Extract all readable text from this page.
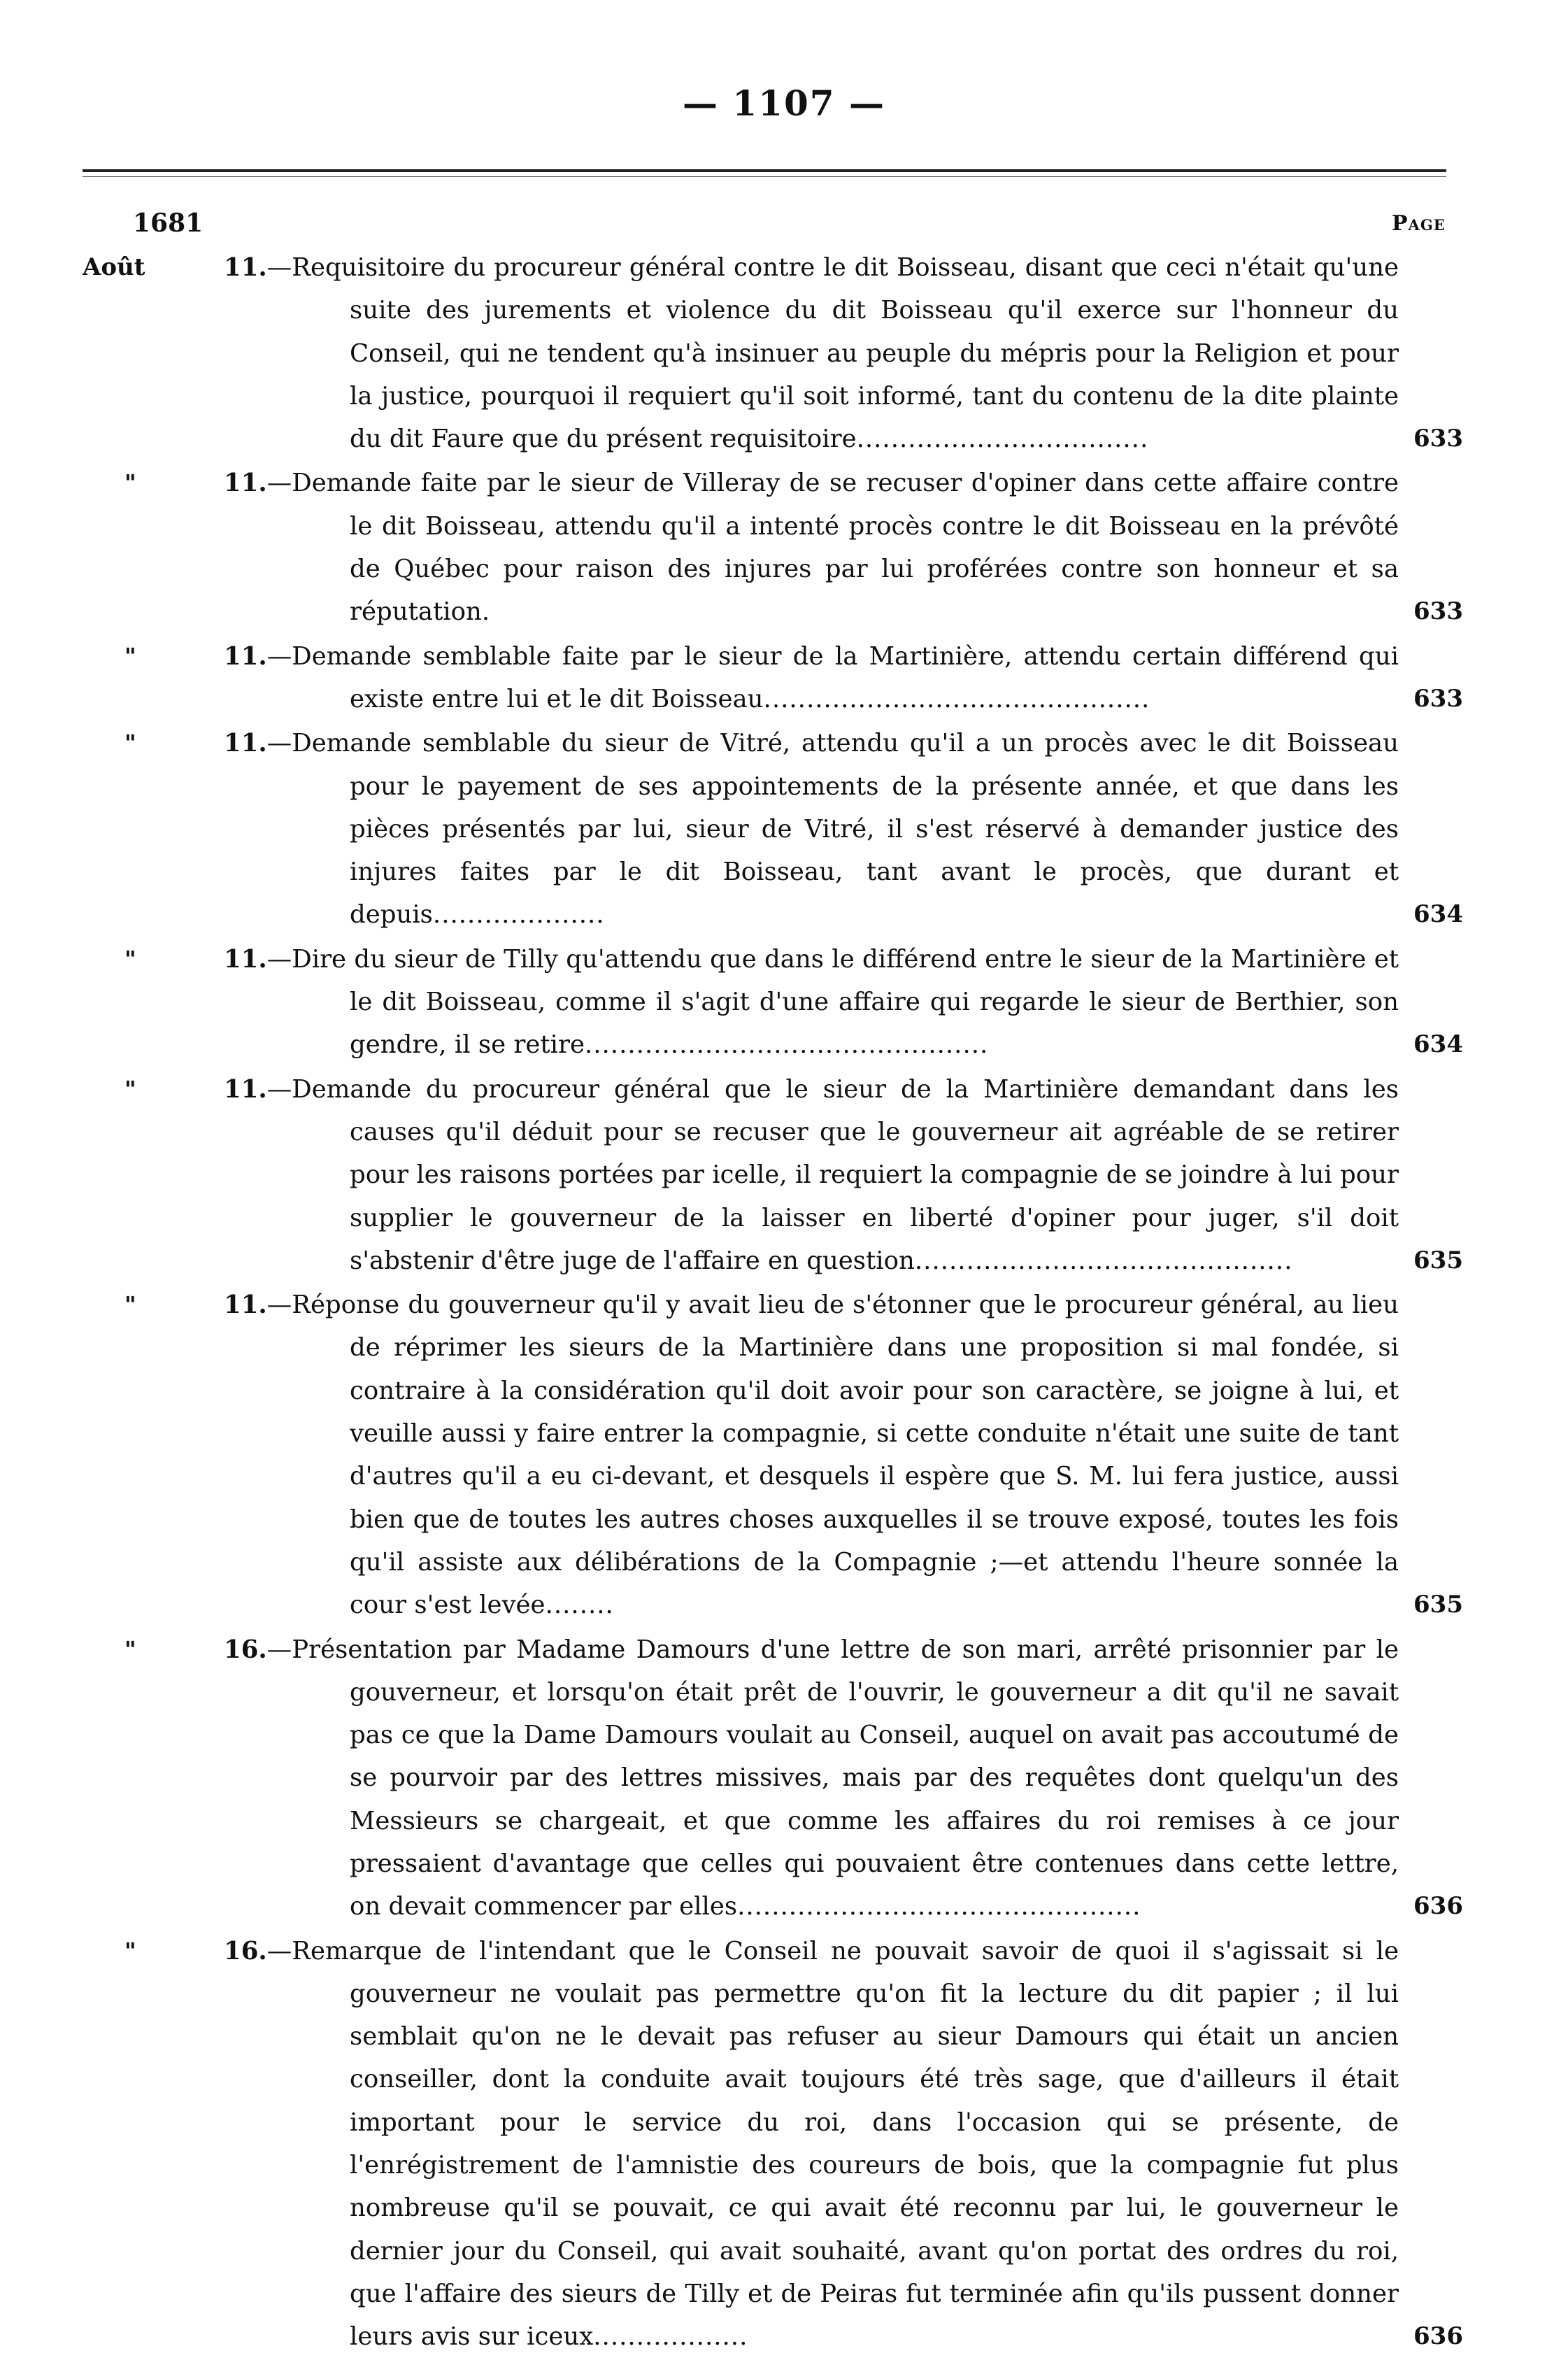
— 1107 —
1681	Page
Août	11.—Requisitoire du procureur général contre le dit Boisseau, disant que ceci n'était qu'une suite des jurements et violence du dit Boisseau qu'il exerce sur l'honneur du Conseil, qui ne tendent qu'à insinuer au peuple du mépris pour la Religion et pour la justice, pourquoi il requiert qu'il soit informé, tant du contenu de la dite plainte du dit Faure que du présent requisitoire..................................	633
"	11.—Demande faite par le sieur de Villeray de se recuser d'opiner dans cette affaire contre le dit Boisseau, attendu qu'il a intenté procès contre le dit Boisseau en la prévôté de Québec pour raison des injures par lui proférées contre son honneur et sa réputation.	633
"	11.—Demande semblable faite par le sieur de la Martinière, attendu certain différend qui existe entre lui et le dit Boisseau.............................................	633
"	11.—Demande semblable du sieur de Vitré, attendu qu'il a un procès avec le dit Boisseau pour le payement de ses appointements de la présente année, et que dans les pièces présentés par lui, sieur de Vitré, il s'est réservé à demander justice des injures faites par le dit Boisseau, tant avant le procès, que durant et depuis....................	634
"	11.—Dire du sieur de Tilly qu'attendu que dans le différend entre le sieur de la Martinière et le dit Boisseau, comme il s'agit d'une affaire qui regarde le sieur de Berthier, son gendre, il se retire...............................................	634
"	11.—Demande du procureur général que le sieur de la Martinière demandant dans les causes qu'il déduit pour se recuser que le gouverneur ait agréable de se retirer pour les raisons portées par icelle, il requiert la compagnie de se joindre à lui pour supplier le gouverneur de la laisser en liberté d'opiner pour juger, s'il doit s'abstenir d'être juge de l'affaire en question............................................	635
"	11.—Réponse du gouverneur qu'il y avait lieu de s'étonner que le procureur général, au lieu de réprimer les sieurs de la Martinière dans une proposition si mal fondée, si contraire à la considération qu'il doit avoir pour son caractère, se joigne à lui, et veuille aussi y faire entrer la compagnie, si cette conduite n'était une suite de tant d'autres qu'il a eu ci-devant, et desquels il espère que S. M. lui fera justice, aussi bien que de toutes les autres choses auxquelles il se trouve exposé, toutes les fois qu'il assiste aux délibérations de la Compagnie ;—et attendu l'heure sonnée la cour s'est levée........	635
"	16.—Présentation par Madame Damours d'une lettre de son mari, arrêté prisonnier par le gouverneur, et lorsqu'on était prêt de l'ouvrir, le gouverneur a dit qu'il ne savait pas ce que la Dame Damours voulait au Conseil, auquel on avait pas accoutumé de se pourvoir par des lettres missives, mais par des requêtes dont quelqu'un des Messieurs se chargeait, et que comme les affaires du roi remises à ce jour pressaient d'avantage que celles qui pouvaient être contenues dans cette lettre, on devait commencer par elles...............................................	636
"	16.—Remarque de l'intendant que le Conseil ne pouvait savoir de quoi il s'agissait si le gouverneur ne voulait pas permettre qu'on fit la lecture du dit papier ; il lui semblait qu'on ne le devait pas refuser au sieur Damours qui était un ancien conseiller, dont la conduite avait toujours été très sage, que d'ailleurs il était important pour le service du roi, dans l'occasion qui se présente, de l'enrégistrement de l'amnistie des coureurs de bois, que la compagnie fut plus nombreuse qu'il se pouvait, ce qui avait été reconnu par lui, le gouverneur le dernier jour du Conseil, qui avait souhaité, avant qu'on portat des ordres du roi, que l'affaire des sieurs de Tilly et de Peiras fut terminée afin qu'ils pussent donner leurs avis sur iceux..................	636
